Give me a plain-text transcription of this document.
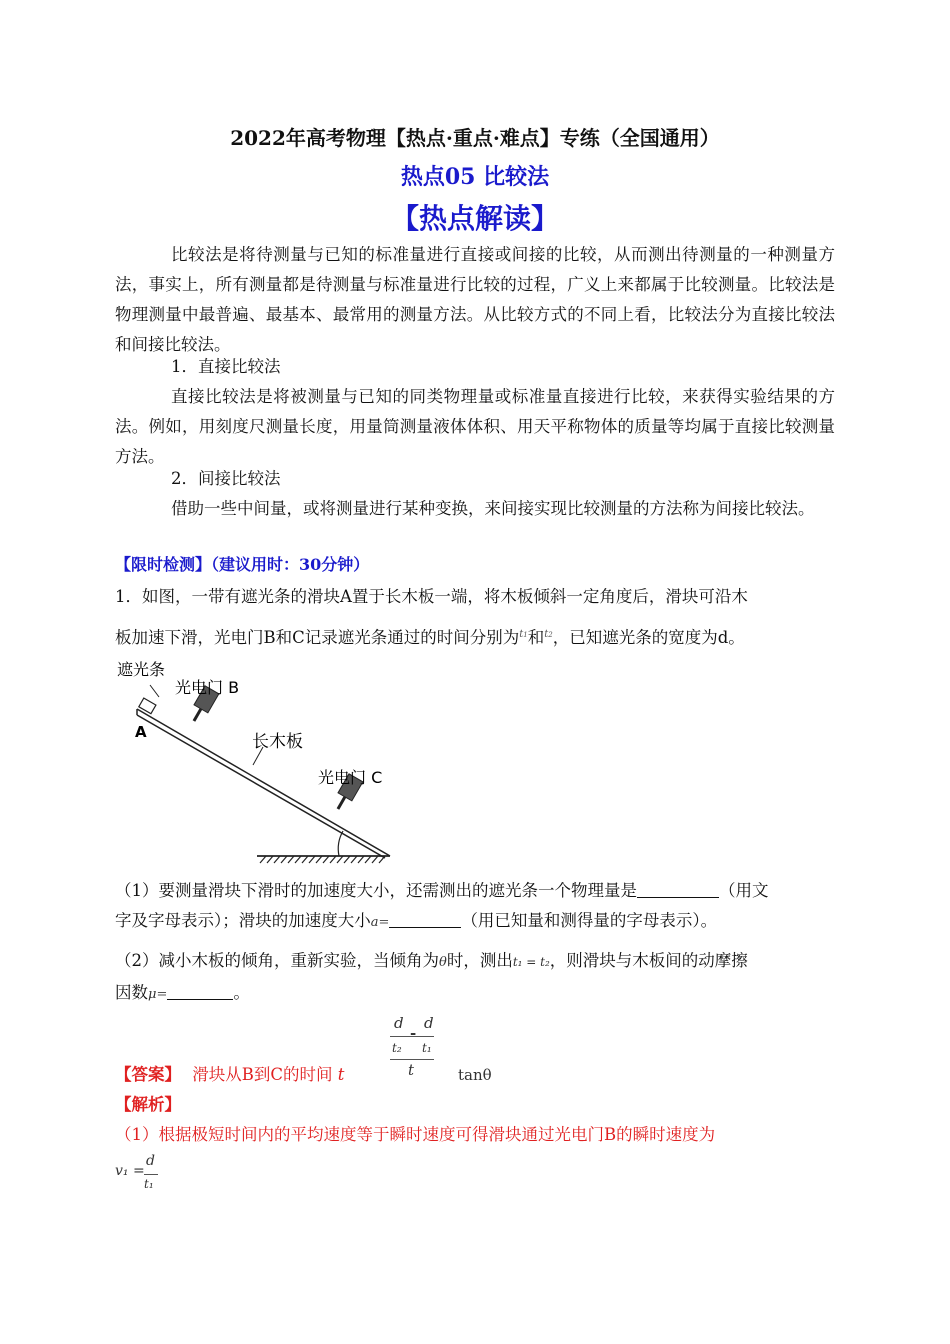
2022年高考物理【热点·重点·难点】专练（全国通用）
热点05 比较法
【热点解读】
比较法是将待测量与已知的标准量进行直接或间接的比较，从而测出待测量的一种测量方法，事实上，所有测量都是待测量与标准量进行比较的过程，广义上来都属于比较测量。比较法是物理测量中最普遍、最基本、最常用的测量方法。从比较方式的不同上看，比较法分为直接比较法和间接比较法。
1．直接比较法
直接比较法是将被测量与已知的同类物理量或标准量直接进行比较，来获得实验结果的方法。例如，用刻度尺测量长度，用量筒测量液体体积、用天平称物体的质量等均属于直接比较测量方法。
2．间接比较法
借助一些中间量，或将测量进行某种变换，来间接实现比较测量的方法称为间接比较法。
【限时检测】（建议用时：30分钟）
1．如图，一带有遮光条的滑块A置于长木板一端，将木板倾斜一定角度后，滑块可沿木
板加速下滑，光电门B和C记录遮光条通过的时间分别为$^{t1}$和$^{t2}$，已知遮光条的宽度为d。
遮光条
光电门 B
A	长木板
光电门 C
（1）要测量滑块下滑时的加速度大小，还需测出的遮光条一个物理量是	（用文
字及字母表示）；滑块的加速度大小a=	（用已知量和测得量的字母表示）。
（2）减小木板的倾角，重新实验，当倾角为θ时，测出t₁ = t₂，则滑块与木板间的动摩擦
因数μ=	。
d
-
d
t₂ t₁
t
【答案】 滑块从B到C的时间 t	tanθ
【解析】
（1）根据极短时间内的平均速度等于瞬时速度可得滑块通过光电门B的瞬时速度为
v₁ =
d
t₁
